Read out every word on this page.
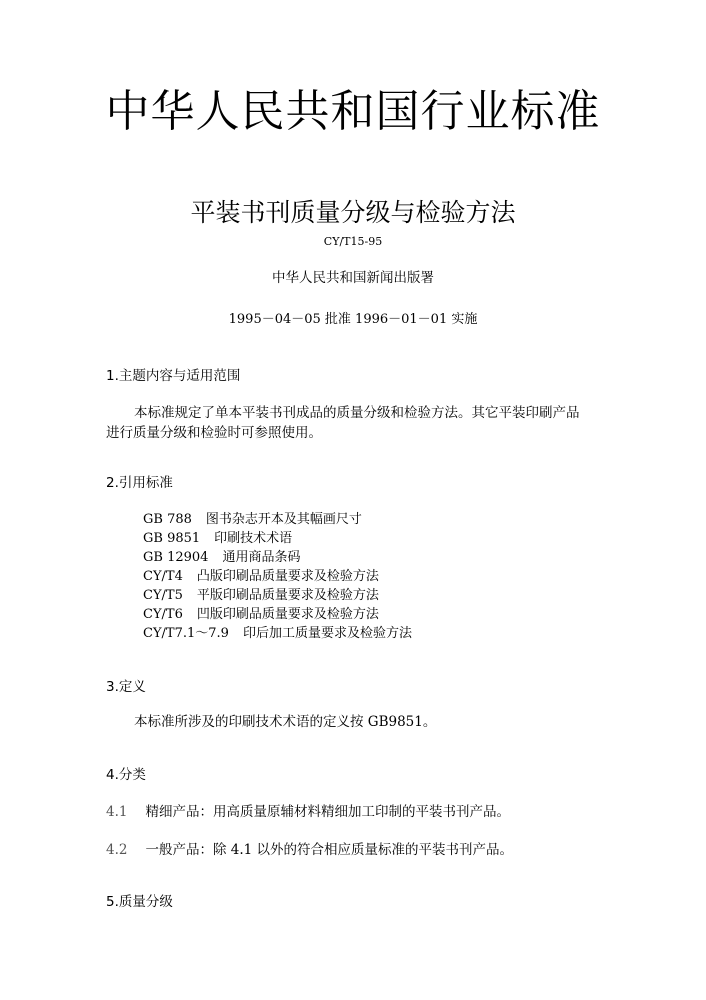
中华人民共和国行业标准
平装书刊质量分级与检验方法
CY/T15-95
中华人民共和国新闻出版署
1995－04－05 批准 1996－01－01 实施
1.主题内容与适用范围
本标准规定了单本平装书刊成品的质量分级和检验方法。其它平装印刷产品
进行质量分级和检验时可参照使用。
2.引用标准
GB 788 图书杂志开本及其幅画尺寸
GB 9851 印刷技术术语
GB 12904 通用商品条码
CY/T4 凸版印刷品质量要求及检验方法
CY/T5 平版印刷品质量要求及检验方法
CY/T6 凹版印刷品质量要求及检验方法
CY/T7.1～7.9 印后加工质量要求及检验方法
3.定义
本标准所涉及的印刷技术术语的定义按 GB9851。
4.分类
4.1 精细产品：用高质量原辅材料精细加工印制的平装书刊产品。
4.2 一般产品：除 4.1 以外的符合相应质量标准的平装书刊产品。
5.质量分级
